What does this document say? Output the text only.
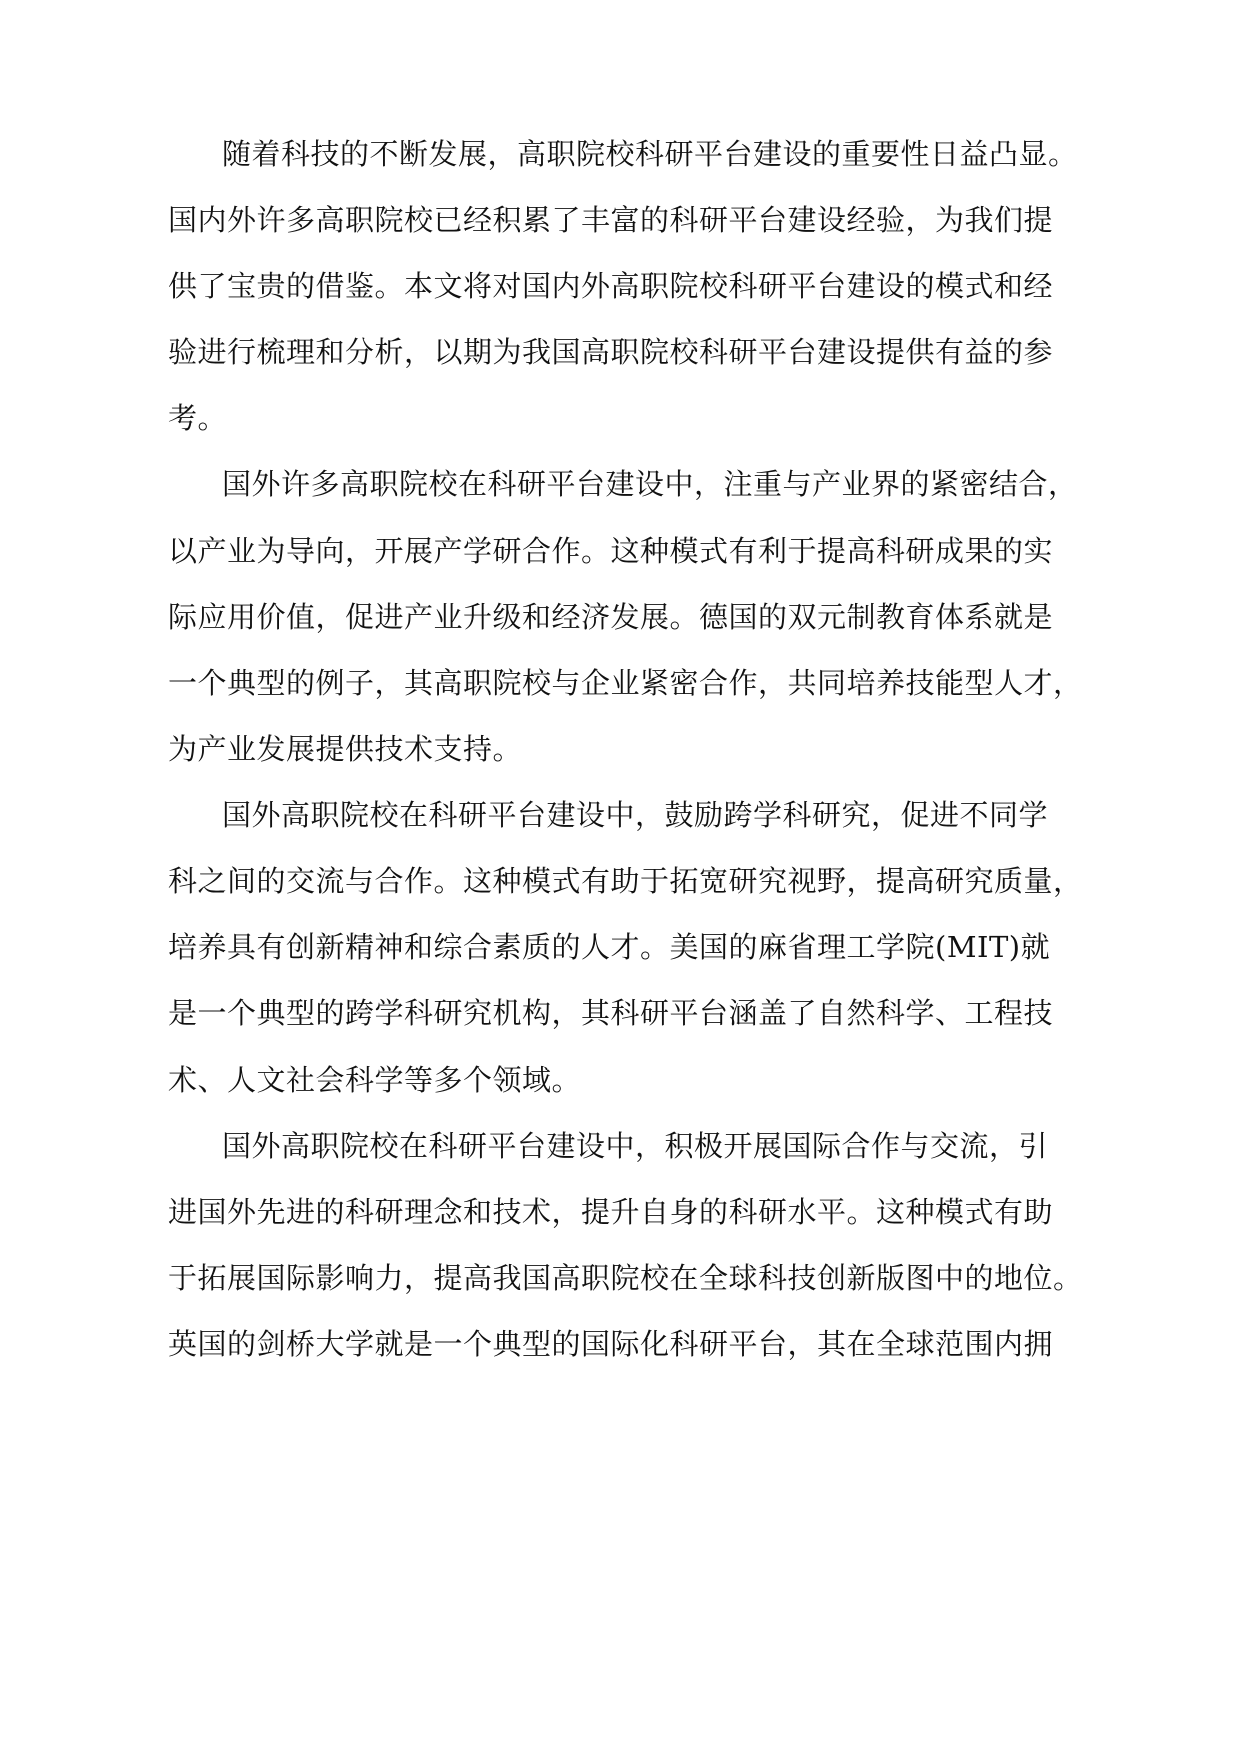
随着科技的不断发展，高职院校科研平台建设的重要性日益凸显。
国内外许多高职院校已经积累了丰富的科研平台建设经验，为我们提
供了宝贵的借鉴。本文将对国内外高职院校科研平台建设的模式和经
验进行梳理和分析，以期为我国高职院校科研平台建设提供有益的参
考。
国外许多高职院校在科研平台建设中，注重与产业界的紧密结合，
以产业为导向，开展产学研合作。这种模式有利于提高科研成果的实
际应用价值，促进产业升级和经济发展。德国的双元制教育体系就是
一个典型的例子，其高职院校与企业紧密合作，共同培养技能型人才，
为产业发展提供技术支持。
国外高职院校在科研平台建设中，鼓励跨学科研究，促进不同学
科之间的交流与合作。这种模式有助于拓宽研究视野，提高研究质量，
培养具有创新精神和综合素质的人才。美国的麻省理工学院(MIT)就
是一个典型的跨学科研究机构，其科研平台涵盖了自然科学、工程技
术、人文社会科学等多个领域。
国外高职院校在科研平台建设中，积极开展国际合作与交流，引
进国外先进的科研理念和技术，提升自身的科研水平。这种模式有助
于拓展国际影响力，提高我国高职院校在全球科技创新版图中的地位。
英国的剑桥大学就是一个典型的国际化科研平台，其在全球范围内拥
